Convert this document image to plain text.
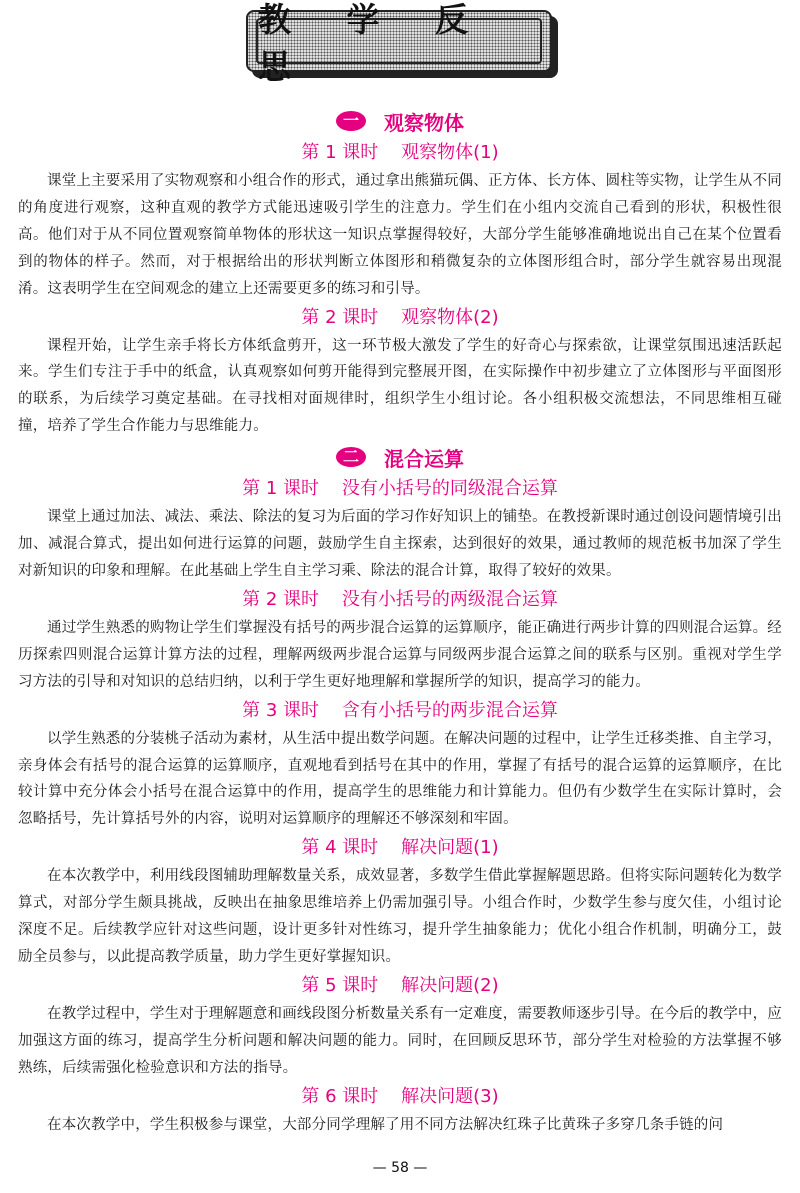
教 学 反 思
一	观察物体
第 1 课时    观察物体(1)

课堂上主要采用了实物观察和小组合作的形式，通过拿出熊猫玩偶、正方体、长方体、圆柱等实物，让学生从不同的角度进行观察，这种直观的教学方式能迅速吸引学生的注意力。学生们在小组内交流自己看到的形状，积极性很高。他们对于从不同位置观察简单物体的形状这一知识点掌握得较好，大部分学生能够准确地说出自己在某个位置看到的物体的样子。然而，对于根据给出的形状判断立体图形和稍微复杂的立体图形组合时，部分学生就容易出现混淆。这表明学生在空间观念的建立上还需要更多的练习和引导。

第 2 课时    观察物体(2)

课程开始，让学生亲手将长方体纸盒剪开，这一环节极大激发了学生的好奇心与探索欲，让课堂氛围迅速活跃起来。学生们专注于手中的纸盒，认真观察如何剪开能得到完整展开图，在实际操作中初步建立了立体图形与平面图形的联系，为后续学习奠定基础。在寻找相对面规律时，组织学生小组讨论。各小组积极交流想法，不同思维相互碰撞，培养了学生合作能力与思维能力。

二	混合运算
第 1 课时    没有小括号的同级混合运算

课堂上通过加法、减法、乘法、除法的复习为后面的学习作好知识上的铺垫。在教授新课时通过创设问题情境引出加、减混合算式，提出如何进行运算的问题，鼓励学生自主探索，达到很好的效果，通过教师的规范板书加深了学生对新知识的印象和理解。在此基础上学生自主学习乘、除法的混合计算，取得了较好的效果。

第 2 课时    没有小括号的两级混合运算

通过学生熟悉的购物让学生们掌握没有括号的两步混合运算的运算顺序，能正确进行两步计算的四则混合运算。经历探索四则混合运算计算方法的过程，理解两级两步混合运算与同级两步混合运算之间的联系与区别。重视对学生学习方法的引导和对知识的总结归纳，以利于学生更好地理解和掌握所学的知识，提高学习的能力。

第 3 课时    含有小括号的两步混合运算

以学生熟悉的分装桃子活动为素材，从生活中提出数学问题。在解决问题的过程中，让学生迁移类推、自主学习，亲身体会有括号的混合运算的运算顺序，直观地看到括号在其中的作用，掌握了有括号的混合运算的运算顺序，在比较计算中充分体会小括号在混合运算中的作用，提高学生的思维能力和计算能力。但仍有少数学生在实际计算时，会忽略括号，先计算括号外的内容，说明对运算顺序的理解还不够深刻和牢固。

第 4 课时    解决问题(1)

在本次教学中，利用线段图辅助理解数量关系，成效显著，多数学生借此掌握解题思路。但将实际问题转化为数学算式，对部分学生颇具挑战，反映出在抽象思维培养上仍需加强引导。小组合作时，少数学生参与度欠佳，小组讨论深度不足。后续教学应针对这些问题，设计更多针对性练习，提升学生抽象能力；优化小组合作机制，明确分工，鼓励全员参与，以此提高教学质量，助力学生更好掌握知识。

第 5 课时    解决问题(2)

在教学过程中，学生对于理解题意和画线段图分析数量关系有一定难度，需要教师逐步引导。在今后的教学中，应加强这方面的练习，提高学生分析问题和解决问题的能力。同时，在回顾反思环节，部分学生对检验的方法掌握不够熟练，后续需强化检验意识和方法的指导。

第 6 课时    解决问题(3)

在本次教学中，学生积极参与课堂，大部分同学理解了用不同方法解决红珠子比黄珠子多穿几条手链的问

— 58 —
